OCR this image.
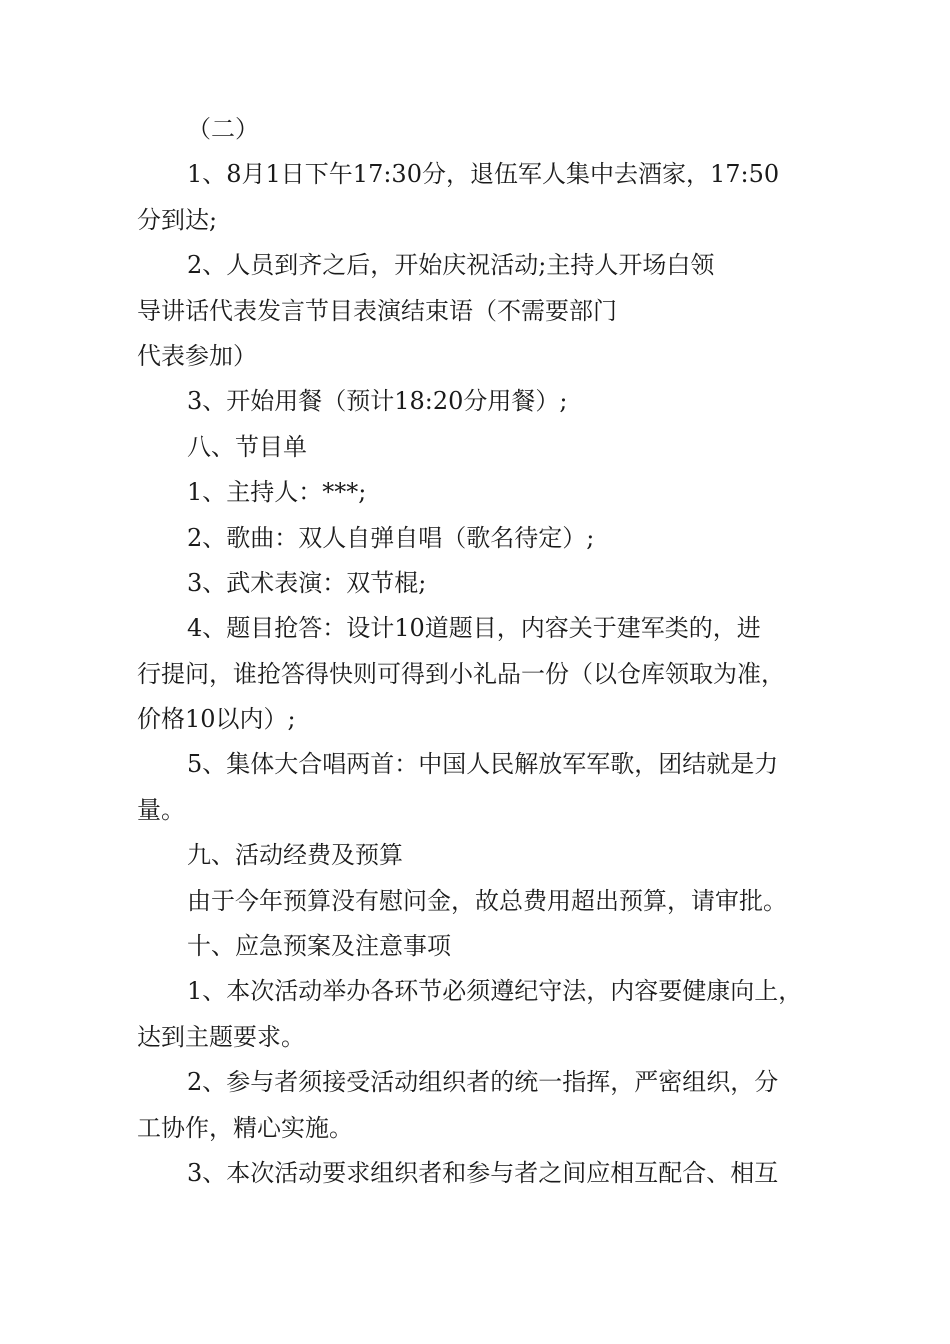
（二）
1、8月1日下午17:30分，退伍军人集中去酒家，17:50
分到达;
2、人员到齐之后，开始庆祝活动;主持人开场白领
导讲话代表发言节目表演结束语（不需要部门
代表参加）
3、开始用餐（预计18:20分用餐）;
八、节目单
1、主持人：***;
2、歌曲：双人自弹自唱（歌名待定）;
3、武术表演：双节棍;
4、题目抢答：设计10道题目，内容关于建军类的，进
行提问，谁抢答得快则可得到小礼品一份（以仓库领取为准，
价格10以内）;
5、集体大合唱两首：中国人民解放军军歌，团结就是力
量。
九、活动经费及预算
由于今年预算没有慰问金，故总费用超出预算，请审批。
十、应急预案及注意事项
1、本次活动举办各环节必须遵纪守法，内容要健康向上，
达到主题要求。
2、参与者须接受活动组织者的统一指挥，严密组织，分
工协作，精心实施。
3、本次活动要求组织者和参与者之间应相互配合、相互
